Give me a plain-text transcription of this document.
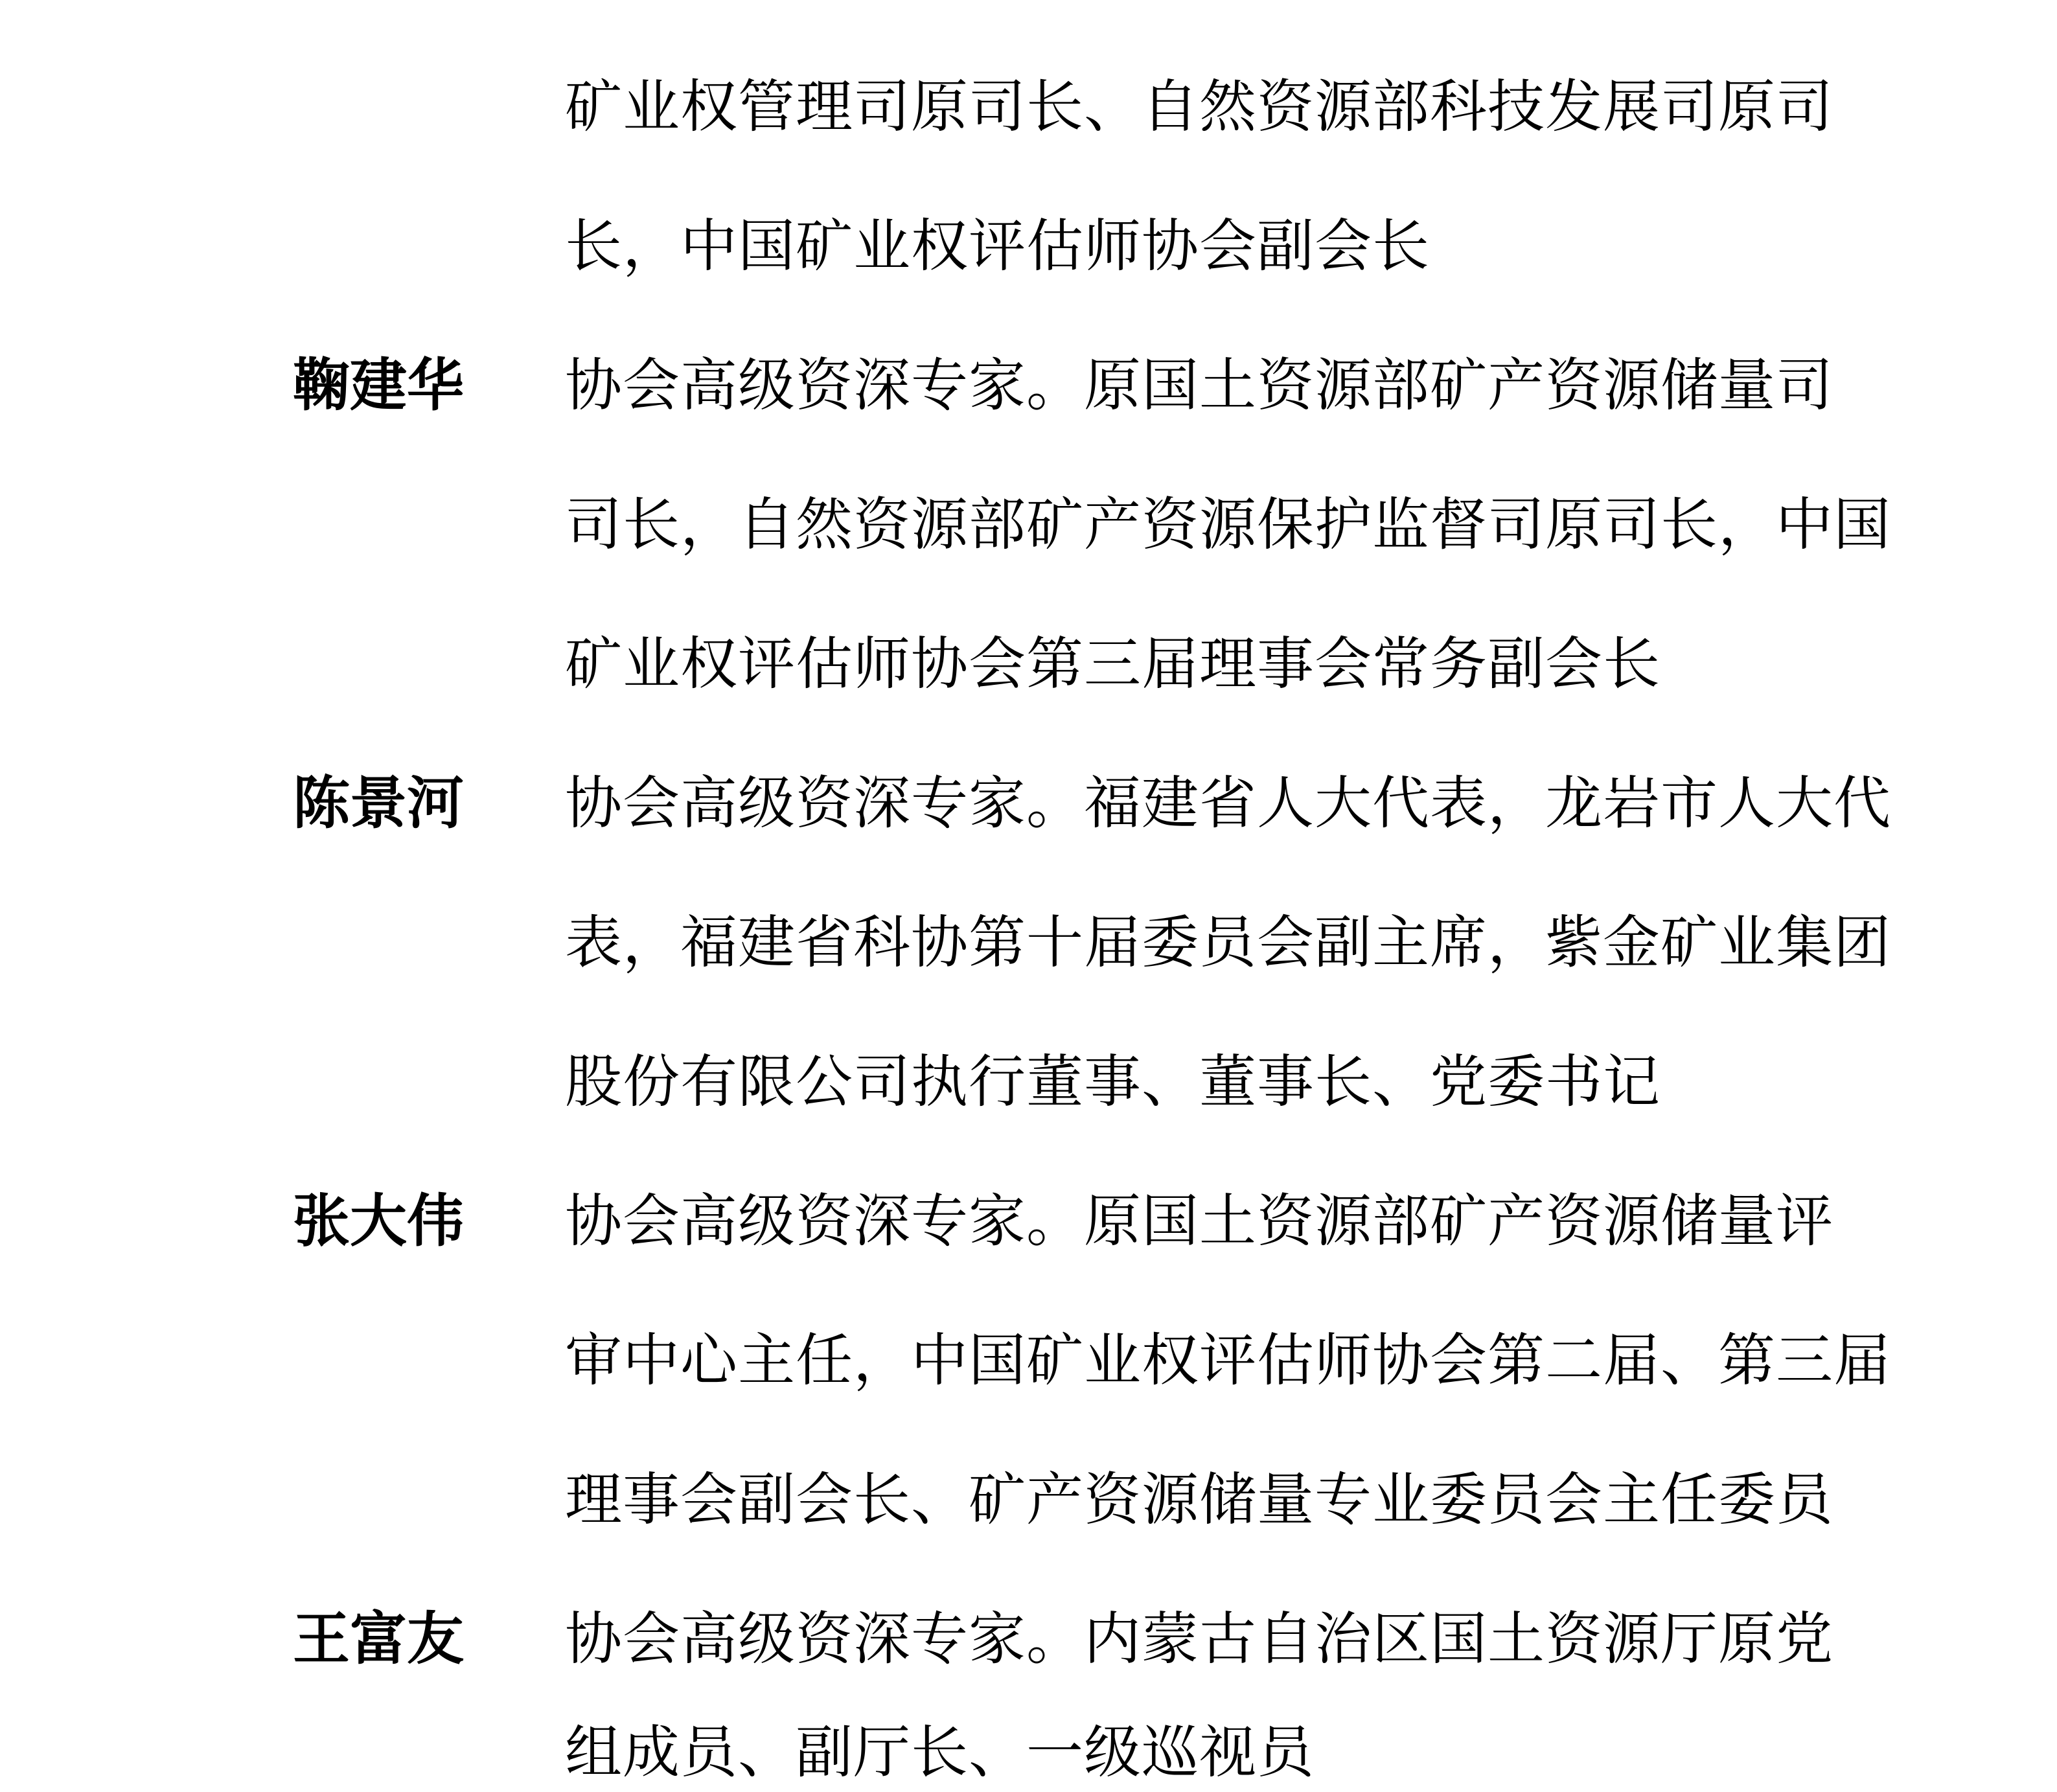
矿业权管理司原司长、自然资源部科技发展司原司
长，中国矿业权评估师协会副会长
鞠建华 协会高级资深专家。原国土资源部矿产资源储量司
司长，自然资源部矿产资源保护监督司原司长，中国
矿业权评估师协会第三届理事会常务副会长
陈景河 协会高级资深专家。福建省人大代表，龙岩市人大代
表，福建省科协第十届委员会副主席，紫金矿业集团
股份有限公司执行董事、董事长、党委书记
张大伟 协会高级资深专家。原国土资源部矿产资源储量评
审中心主任，中国矿业权评估师协会第二届、第三届
理事会副会长、矿产资源储量专业委员会主任委员
王富友 协会高级资深专家。内蒙古自治区国土资源厅原党
组成员、副厅长、一级巡视员
